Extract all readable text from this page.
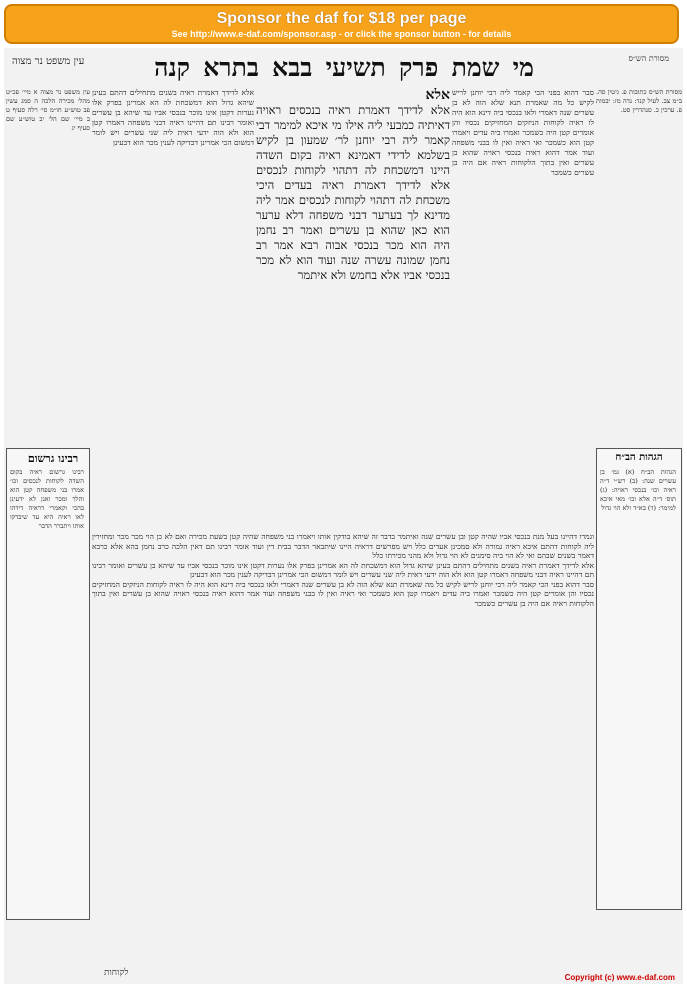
Sponsor the daf for $18 per page
See http://www.e-daf.com/sponsor.asp - or click the sponsor button - for details
עין משפט נר מצוה	מסורת הש״ס
מי
שמת
פרק
תשיעי
בבא
בתרא
קנה

עין משפט נר מצוה א מיי׳ פכ״ט מהל׳ מכירה הלכה ה סמג עשין פב טוש״ע חו״מ סי׳ רלה סעיף ט ב מיי׳ שם הל׳ יב טוש״ע שם סעיף יג

אלא לדידך דאמרת ראיה בשנים מתחילים דהתם בעינן שיהא גדול הוא דמשכחת לה הא אמרינן בפרק אלו נערות דקטן אינו מוכר בנכסי אביו עד שיהא בן עשרים ואומר רבינו תם דהיינו ראיה דבני משפחה דאמרו קטן הוא ולא הוה ידעי דאית ליה שני עשרים ויש לומר דמשום הכי אמרינן דבדיקה לענין מכר הוא דבעינן

אלא

אלא לדידך דאמרת ראיה בנכסים ראויה דאיתיה כמבעי ליה אילו מי איכא למימר דבי קאמר ליה רבי יוחנן לר׳ שמעון בן לקיש בשלמא לדידי דאמינא ראיה בקום השדה היינו דמשכחת לה דתהוי לקוחות לנכסים אלא לדידך דאמרת ראיה בעדים היכי משכחת לה דתהוי לקוחות לנכסים אמר ליה מדינא לך בערער דבני משפחה דלא ערער הוא כאן שהוא בן עשרים ואמר רב נחמן היה הוא מכר בנכסי אבוה רבא אמר רב נחמן שמונה עשרה שנה ועוד הוא לא מכר בנכסי אביו אלא בחמש ולא איתמר

סבר דהוא בפני הכי קאמר ליה רבי יוחנן לריש לקיש כל מה שאמרת תנא שלא הוה לא בן עשרים שנה דאמרי ולאו בנכסי ביה דינא הוא היה לו ראיה לקוחות הניזקים המחזיקים נכסיו והן אומרים קטן היה כשמכר ואמרו ביה עדים ויאמרו קטן הוא כשמכר ואי ראיה ואין לו בבני משפחה ועוד אמר דהוא ראיה בנכסי ראויה שהוא בן עשרים ואין בתוך הלקוחות ראיה אם היה בן עשרים כשמכר

מסורת הש״ס כתובות פ. גיטין סה. ב״מ צב. לעיל קנד: נדה מז: יבמות פ. ערכין כ. סנהדרין סט.

רבינו גרשום

רבינו גרשום ראיה בקום השדה לקוחות לנכסים וכו׳ אמרו בני משפחה קטן הוא והלך ומכר ואנן לא ידעינן בהכי וקאמרי דראיה דידהו לאו ראיה היא עד שיבדקו אותו ויתברר הדבר

הגהות הב״ח

הגהות הב״ח (א) גמ׳ בן עשרים שנה: (ב) רש״י ד״ה ראיה וכו׳ בנכסי ראויה: (ג) תוס׳ ד״ה אלא וכו׳ מאי איכא למימר: (ד) בא״ד ולא הוי גדול

וגמרו דהיינו בעל מנת בנכסי אביו שהיה קטן ובן עשרים שנה ואיתמר בדבר זה שיהא בודקין אותו ויאמרו בני משפחה שהיה קטן בשעת מכירה ואם לא כן הוי מכר מכר ומחזירין ליה לקוחות דהתם איכא ראיה גמורה ולא סמכינן אעדים כלל ויש מפרשים דראיה היינו שיתבאר הדבר בבית דין ועוד אומר רבינו תם דאין הלכה כרב נחמן בהא אלא כרבא דאמר בשנים שבהם ואי לא הוי ביה סימנים לא הוי גדול ולא מהני מכירתו כלל

אלא לדידך דאמרת ראיה בשנים מתחילים דהתם בעינן שיהא גדול הוא דמשכחת לה הא אמרינן בפרק אלו נערות דקטן אינו מוכר בנכסי אביו עד שיהא בן עשרים ואומר רבינו תם דהיינו ראיה דבני משפחה דאמרו קטן הוא ולא הוה ידעי דאית ליה שני עשרים ויש לומר דמשום הכי אמרינן דבדיקה לענין מכר הוא דבעינן

סבר דהוא בפני הכי קאמר ליה רבי יוחנן לריש לקיש כל מה שאמרת תנא שלא הוה לא בן עשרים שנה דאמרי ולאו בנכסי ביה דינא הוא היה לו ראיה לקוחות הניזקים המחזיקים נכסיו והן אומרים קטן היה כשמכר ואמרו ביה עדים ויאמרו קטן הוא כשמכר ואי ראיה ואין לו בבני משפחה ועוד אמר דהוא ראיה בנכסי ראויה שהוא בן עשרים ואין בתוך הלקוחות ראיה אם היה בן עשרים כשמכר

לקוחות	Copyright (c) www.e-daf.com
